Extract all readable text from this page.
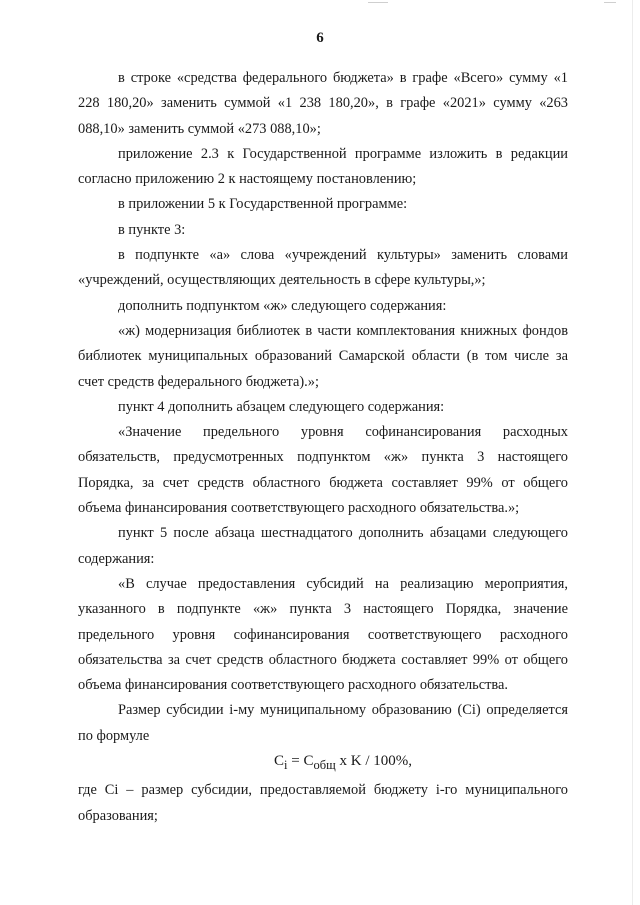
6

в строке «средства федерального бюджета» в графе «Всего» сумму «1 228 180,20» заменить суммой «1 238 180,20», в графе «2021» сумму «263 088,10» заменить суммой «273 088,10»;

приложение 2.3 к Государственной программе изложить в редакции согласно приложению 2 к настоящему постановлению;

в приложении 5 к Государственной программе:

в пункте 3:

в подпункте «а» слова «учреждений культуры» заменить словами «учреждений, осуществляющих деятельность в сфере культуры,»;

дополнить подпунктом «ж» следующего содержания:

«ж) модернизация библиотек в части комплектования книжных фондов библиотек муниципальных образований Самарской области (в том числе за счет средств федерального бюджета).»;

пункт 4 дополнить абзацем следующего содержания:

«Значение предельного уровня софинансирования расходных обязательств, предусмотренных подпунктом «ж» пункта 3 настоящего Порядка, за счет средств областного бюджета составляет 99% от общего объема финансирования соответствующего расходного обязательства.»;

пункт 5 после абзаца шестнадцатого дополнить абзацами следующего содержания:

«В случае предоставления субсидий на реализацию мероприятия, указанного в подпункте «ж» пункта 3 настоящего Порядка, значение предельного уровня софинансирования соответствующего расходного обязательства за счет средств областного бюджета составляет 99% от общего объема финансирования соответствующего расходного обязательства.

Размер субсидии i-му муниципальному образованию (Ci) определяется по формуле

$C_i = C_{общ}$ x K / 100%,

где Ci – размер субсидии, предоставляемой бюджету i-го муниципального образования;
